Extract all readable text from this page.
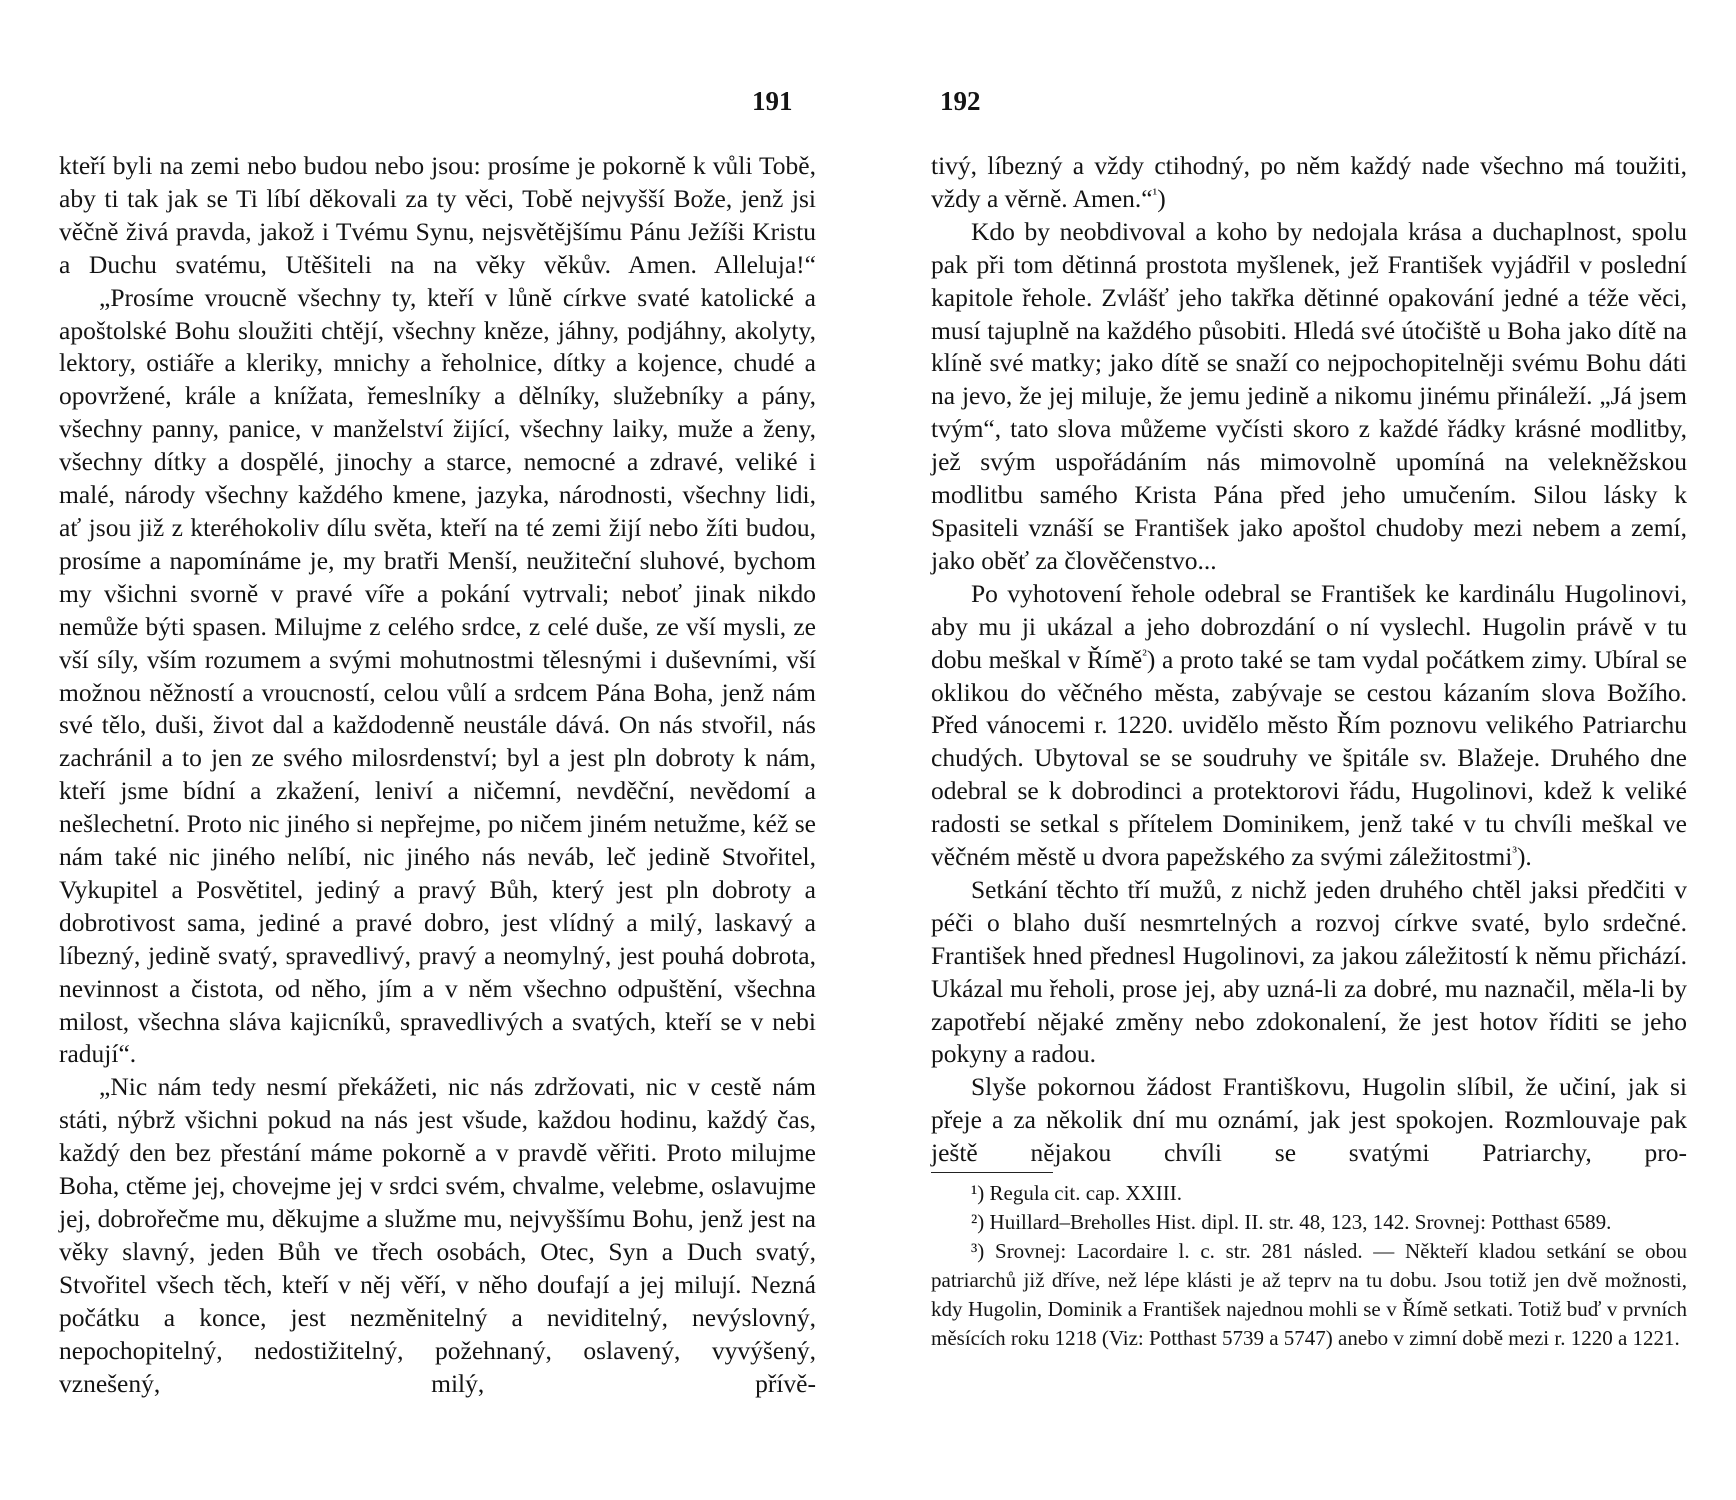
191

kteří byli na zemi nebo budou nebo jsou: prosíme je pokorně k vůli Tobě, aby ti tak jak se Ti líbí děkovali za ty věci, Tobě nejvyšší Bože, jenž jsi věčně živá pravda, jakož i Tvému Synu, nejsvětějšímu Pánu Ježíši Kristu a Duchu svatému, Utěšiteli na na věky věkův. Amen. Alleluja!“

„Prosíme vroucně všechny ty, kteří v lůně církve svaté katolické a apoštolské Bohu sloužiti chtějí, všechny kněze, jáhny, podjáhny, akolyty, lektory, ostiáře a kleriky, mnichy a řeholnice, dítky a kojence, chudé a opovržené, krále a knížata, řemeslníky a dělníky, služebníky a pány, všechny panny, panice, v manželství žijící, všechny laiky, muže a ženy, všechny dítky a dospělé, jinochy a starce, nemocné a zdravé, veliké i malé, národy všechny každého kmene, jazyka, národnosti, všechny lidi, ať jsou již z kteréhokoliv dílu světa, kteří na té zemi žijí nebo žíti budou, prosíme a napomínáme je, my bratři Menší, neužiteční sluhové, bychom my všichni svorně v pravé víře a pokání vytrvali; neboť jinak nikdo nemůže býti spasen. Milujme z celého srdce, z celé duše, ze vší mysli, ze vší síly, vším rozumem a svými mohutnostmi tělesnými i duševními, vší možnou něžností a vroucností, celou vůlí a srdcem Pána Boha, jenž nám své tělo, duši, život dal a každodenně neustále dává. On nás stvořil, nás zachránil a to jen ze svého milosrdenství; byl a jest pln dobroty k nám, kteří jsme bídní a zkažení, leniví a ničemní, nevděční, nevědomí a nešlechetní. Proto nic jiného si nepřejme, po ničem jiném netužme, kéž se nám také nic jiného nelíbí, nic jiného nás neváb, leč jedině Stvořitel, Vykupitel a Posvětitel, jediný a pravý Bůh, který jest pln dobroty a dobrotivost sama, jediné a pravé dobro, jest vlídný a milý, laskavý a líbezný, jedině svatý, spravedlivý, pravý a neomylný, jest pouhá dobrota, nevinnost a čistota, od něho, jím a v něm všechno odpuštění, všechna milost, všechna sláva kajicníků, spravedlivých a svatých, kteří se v nebi radují“.

„Nic nám tedy nesmí překážeti, nic nás zdržovati, nic v cestě nám státi, nýbrž všichni pokud na nás jest všude, každou hodinu, každý čas, každý den bez přestání máme pokorně a v pravdě věřiti. Proto milujme Boha, ctěme jej, chovejme jej v srdci svém, chvalme, velebme, oslavujme jej, dobrořečme mu, děkujme a služme mu, nejvyššímu Bohu, jenž jest na věky slavný, jeden Bůh ve třech osobách, Otec, Syn a Duch svatý, Stvořitel všech těch, kteří v něj věří, v něho doufají a jej milují. Nezná počátku a konce, jest nezměnitelný a neviditelný, nevýslovný, nepochopitelný, nedostižitelný, požehnaný, oslavený, vyvýšený, vznešený, milý, přívě-

192

tivý, líbezný a vždy ctihodný, po něm každý nade všechno má toužiti, vždy a věrně. Amen.“$^{^1}$)

Kdo by neobdivoval a koho by nedojala krása a duchaplnost, spolu pak při tom dětinná prostota myšlenek, jež František vyjádřil v poslední kapitole řehole. Zvlášť jeho takřka dětinné opakování jedné a téže věci, musí tajuplně na každého působiti. Hledá své útočiště u Boha jako dítě na klíně své matky; jako dítě se snaží co nejpochopitelněji svému Bohu dáti na jevo, že jej miluje, že jemu jedině a nikomu jinému přináleží. „Já jsem tvým“, tato slova můžeme vyčísti skoro z každé řádky krásné modlitby, jež svým uspořádáním nás mimovolně upomíná na velekněžskou modlitbu samého Krista Pána před jeho umučením. Silou lásky k Spasiteli vznáší se František jako apoštol chudoby mezi nebem a zemí, jako oběť za člověčenstvo...

Po vyhotovení řehole odebral se František ke kardinálu Hugolinovi, aby mu ji ukázal a jeho dobrozdání o ní vyslechl. Hugolin právě v tu dobu meškal v Římě$^{^2}$) a proto také se tam vydal počátkem zimy. Ubíral se oklikou do věčného města, zabývaje se cestou kázaním slova Božího. Před vánocemi r. 1220. uvidělo město Řím poznovu velikého Patriarchu chudých. Ubytoval se se soudruhy ve špitále sv. Blažeje. Druhého dne odebral se k dobrodinci a protektorovi řádu, Hugolinovi, kdež k veliké radosti se setkal s přítelem Dominikem, jenž také v tu chvíli meškal ve věčném městě u dvora papežského za svými záležitostmi$^{^3}$).

Setkání těchto tří mužů, z nichž jeden druhého chtěl jaksi předčiti v péči o blaho duší nesmrtelných a rozvoj církve svaté, bylo srdečné. František hned přednesl Hugolinovi, za jakou záležitostí k němu přichází. Ukázal mu řeholi, prose jej, aby uzná-li za dobré, mu naznačil, měla-li by zapotřebí nějaké změny nebo zdokonalení, že jest hotov říditi se jeho pokyny a radou.

Slyše pokornou žádost Františkovu, Hugolin slíbil, že učiní, jak si přeje a za několik dní mu oznámí, jak jest spokojen. Rozmlouvaje pak ještě nějakou chvíli se svatými Patriarchy, pro-

¹) Regula cit. cap. XXIII.

²) Huillard–Breholles Hist. dipl. II. str. 48, 123, 142. Srovnej: Potthast 6589.

³) Srovnej: Lacordaire l. c. str. 281 násled. — Někteří kladou setkání se obou patriarchů již dříve, než lépe klásti je až teprv na tu dobu. Jsou totiž jen dvě možnosti, kdy Hugolin, Dominik a František najednou mohli se v Římě setkati. Totiž buď v prvních měsících roku 1218 (Viz: Potthast 5739 a 5747) anebo v zimní době mezi r. 1220 a 1221.
